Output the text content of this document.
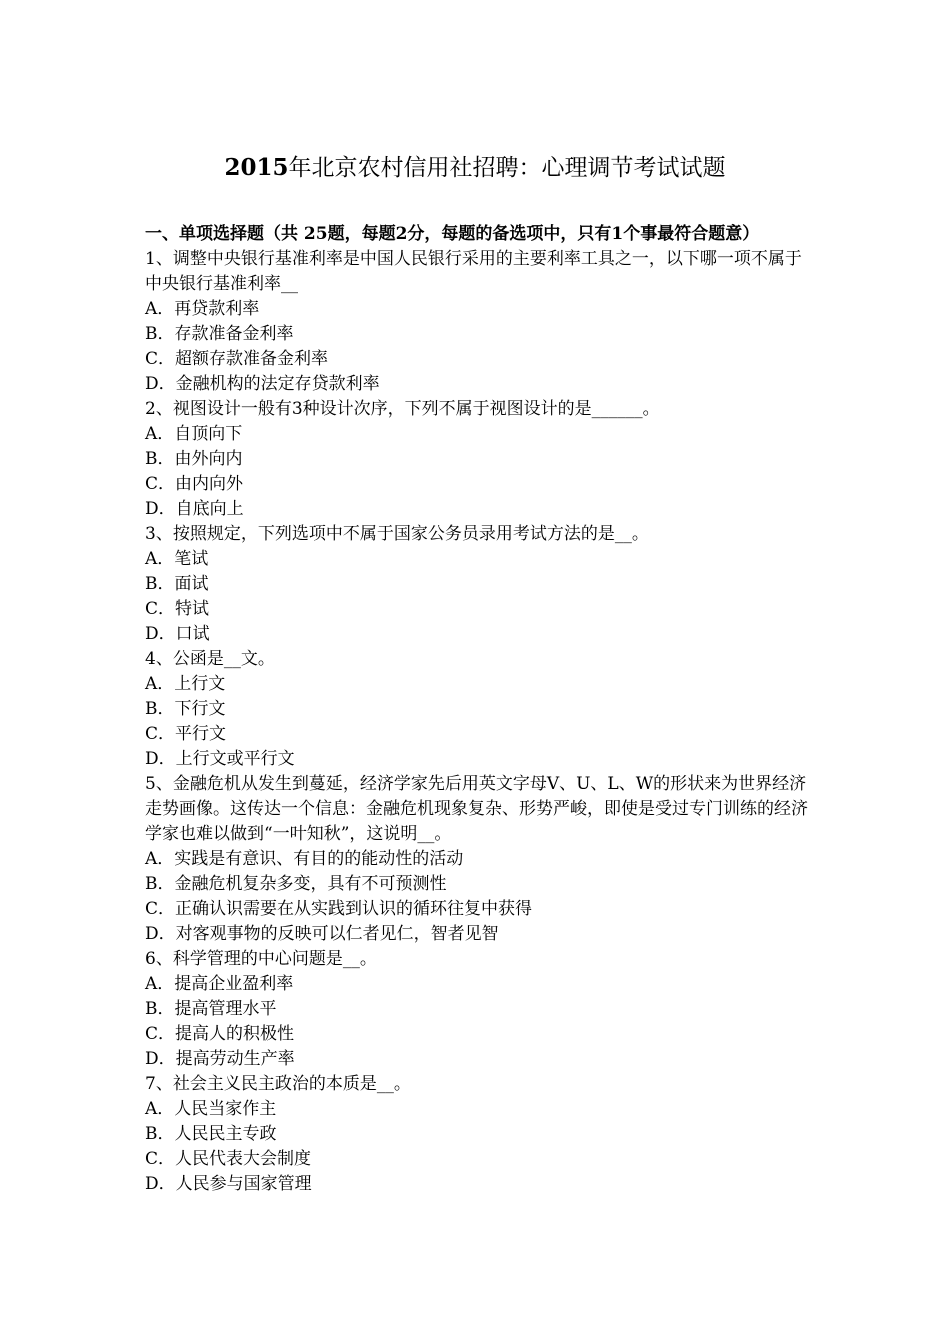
2015年北京农村信用社招聘：心理调节考试试题

一、单项选择题（共 25题，每题2分，每题的备选项中，只有1个事最符合题意）

1、调整中央银行基准利率是中国人民银行采用的主要利率工具之一，以下哪一项不属于中央银行基准利率__

A．再贷款利率

B．存款准备金利率

C．超额存款准备金利率

D．金融机构的法定存贷款利率

2、视图设计一般有3种设计次序，下列不属于视图设计的是______。

A．自顶向下

B．由外向内

C．由内向外

D．自底向上

3、按照规定，下列选项中不属于国家公务员录用考试方法的是__。

A．笔试

B．面试

C．特试

D．口试

4、公函是__文。

A．上行文

B．下行文

C．平行文

D．上行文或平行文

5、金融危机从发生到蔓延，经济学家先后用英文字母V、U、L、W的形状来为世界经济走势画像。这传达一个信息：金融危机现象复杂、形势严峻，即使是受过专门训练的经济学家也难以做到“一叶知秋”，这说明__。

A．实践是有意识、有目的的能动性的活动

B．金融危机复杂多变，具有不可预测性

C．正确认识需要在从实践到认识的循环往复中获得

D．对客观事物的反映可以仁者见仁，智者见智

6、科学管理的中心问题是__。

A．提高企业盈利率

B．提高管理水平

C．提高人的积极性

D．提高劳动生产率

7、社会主义民主政治的本质是__。

A．人民当家作主

B．人民民主专政

C．人民代表大会制度

D．人民参与国家管理
